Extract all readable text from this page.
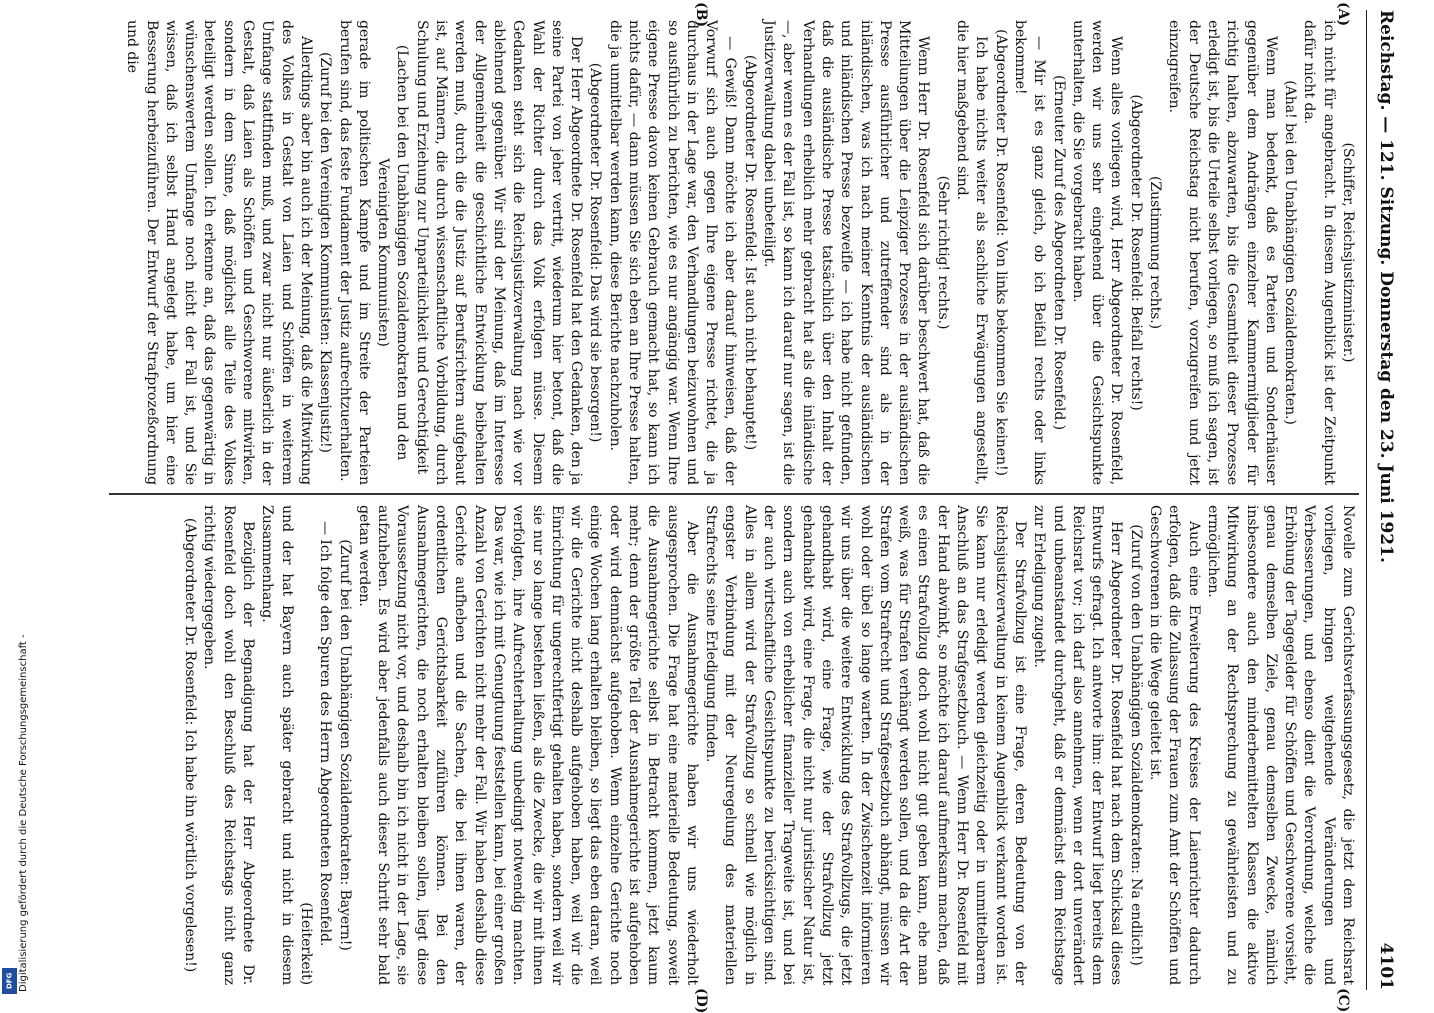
DFG Digitalisierung gefördert durch die Deutsche Forschungsgemeinschaft -
Reichstag. — 121. Sitzung. Donnerstag den 23. Juni 1921.
4101
(A)
(B)
(C)
(D)

(Schiffer, Reichsjustizminister.)

ich nicht für angebracht. In diesem Augenblick ist der Zeitpunkt dafür nicht da.

(Aha! bei den Unabhängigen Sozialdemokraten.)

Wenn man bedenkt, daß es Parteien und Sonderhäuser gegenüber dem Andrängen einzelner Kammermitglieder für richtig halten, abzuwarten, bis die Gesamtheit dieser Prozesse erledigt ist, bis die Urteile selbst vorliegen, so muß ich sagen, ist der Deutsche Reichstag nicht berufen, vorzugreifen und jetzt einzugreifen.

(Zustimmung rechts.)

(Abgeordneter Dr. Rosenfeld: Beifall rechts!)

Wenn alles vorliegen wird, Herr Abgeordneter Dr. Rosenfeld, werden wir uns sehr eingehend über die Gesichtspunkte unterhalten, die Sie vorgebracht haben.

(Erneuter Zuruf des Abgeordneten Dr. Rosenfeld.)

— Mir ist es ganz gleich, ob ich Beifall rechts oder links bekomme!

(Abgeordneter Dr. Rosenfeld: Von links bekommen Sie keinen!)

Ich habe nichts weiter als sachliche Erwägungen angestellt, die hier maßgebend sind.

(Sehr richtig! rechts.)

Wenn Herr Dr. Rosenfeld sich darüber beschwert hat, daß die Mitteilungen über die Leipziger Prozesse in der ausländischen Presse ausführlicher und zutreffender sind als in der inländischen, was ich nach meiner Kenntnis der ausländischen und inländischen Presse bezweifle — ich habe nicht gefunden, daß die ausländische Presse tatsächlich über den Inhalt der Verhandlungen erheblich mehr gebracht hat als die inländische —, aber wenn es der Fall ist, so kann ich darauf nur sagen, ist die Justizverwaltung dabei unbeteiligt.

(Abgeordneter Dr. Rosenfeld: Ist auch nicht behauptet!)

— Gewiß! Dann möchte ich aber darauf hinweisen, daß der Vorwurf sich auch gegen Ihre eigene Presse richtet, die ja durchaus in der Lage war, den Verhandlungen beizuwohnen und so ausführlich zu berichten, wie es nur angängig war. Wenn Ihre eigene Presse davon keinen Gebrauch gemacht hat, so kann ich nichts dafür, — dann müssen Sie sich eben an Ihre Presse halten, die ja unmittelbar werden kann, diese Berichte nachzuholen.

(Abgeordneter Dr. Rosenfeld: Das wird sie besorgen!)

Der Herr Abgeordnete Dr. Rosenfeld hat den Gedanken, den ja seine Partei von jeher vertritt, wiederum hier betont, daß die Wahl der Richter durch das Volk erfolgen müsse. Diesem Gedanken steht sich die Reichsjustizverwaltung nach wie vor ablehnend gegenüber. Wir sind der Meinung, daß im Interesse der Allgemeinheit die geschichtliche Entwicklung beibehalten werden muß, durch die die Justiz auf Berufsrichtern aufgebaut ist, auf Männern, die durch wissenschaftliche Vorbildung, durch Schulung und Erziehung zur Unparteilichkeit und Gerechtigkeit

(Lachen bei den Unabhängigen Sozialdemokraten und den Vereinigten Kommunisten)

gerade im politischen Kampfe und im Streite der Parteien berufen sind, das feste Fundament der Justiz aufrechtzuerhalten.

(Zuruf bei den Vereinigten Kommunisten: Klassenjustiz!)

Allerdings aber bin auch ich der Meinung, daß die Mitwirkung des Volkes in Gestalt von Laien und Schöffen in weiterem Umfange stattfinden muß, und zwar nicht nur äußerlich in der Gestalt, daß Laien als Schöffen und Geschworene mitwirken, sondern in dem Sinne, daß möglichst alle Teile des Volkes beteiligt werden sollen. Ich erkenne an, daß das gegenwärtig in wünschenswertem Umfange noch nicht der Fall ist, und Sie wissen, daß ich selbst Hand angelegt habe, um hier eine Besserung herbeizuführen. Der Entwurf der Strafprozeßordnung und die

Novelle zum Gerichtsverfassungsgesetz, die jetzt dem Reichsrat vorliegen, bringen weitgehende Veränderungen und Verbesserungen, und ebenso dient die Verordnung, welche die Erhöhung der Tagegelder für Schöffen und Geschworene vorsieht, genau demselben Ziele, genau demselben Zwecke, nämlich insbesondere auch den minderbemittelten Klassen die aktive Mitwirkung an der Rechtsprechung zu gewährleisten und zu ermöglichen.

Auch eine Erweiterung des Kreises der Laienrichter dadurch erfolgen, daß die Zulassung der Frauen zum Amt der Schöffen und Geschworenen in die Wege geleitet ist.

(Zuruf von den Unabhängigen Sozialdemokraten: Na endlich!)

Herr Abgeordneter Dr. Rosenfeld hat nach dem Schicksal dieses Entwurfs gefragt. Ich antworte ihm: der Entwurf liegt bereits dem Reichsrat vor; ich darf also annehmen, wenn er dort unverändert und unbeanstandet durchgeht, daß er demnächst dem Reichstage zur Erledigung zugeht.

Der Strafvollzug ist eine Frage, deren Bedeutung von der Reichsjustizverwaltung in keinem Augenblick verkannt worden ist. Sie kann nur erledigt werden gleichzeitig oder in unmittelbarem Anschluß an das Strafgesetzbuch. — Wenn Herr Dr. Rosenfeld mit der Hand abwinkt, so möchte ich darauf aufmerksam machen, daß es einen Strafvollzug doch wohl nicht gut geben kann, ehe man weiß, was für Strafen verhängt werden sollen, und da die Art der Strafen vom Strafrecht und Strafgesetzbuch abhängt, müssen wir wohl oder übel so lange warten. In der Zwischenzeit informieren wir uns über die weitere Entwicklung des Strafvollzugs, die jetzt gehandhabt wird, eine Frage, wie der Strafvollzug jetzt gehandhabt wird, eine Frage, die nicht nur juristischer Natur ist, sondern auch von erheblicher finanzieller Tragweite ist, und bei der auch wirtschaftliche Gesichtspunkte zu berücksichtigen sind. Alles in allem wird der Strafvollzug so schnell wie möglich in engster Verbindung mit der Neuregelung des materiellen Strafrechts seine Erledigung finden.

Aber die Ausnahmegerichte haben wir uns wiederholt ausgesprochen. Die Frage hat eine materielle Bedeutung, soweit die Ausnahmegerichte selbst in Betracht kommen, jetzt kaum mehr; denn der größte Teil der Ausnahmegerichte ist aufgehoben oder wird demnächst aufgehoben. Wenn einzelne Gerichte noch einige Wochen lang erhalten bleiben, so liegt das eben daran, weil wir die Gerichte nicht deshalb aufgehoben haben, weil wir die Einrichtung für ungerechtfertigt gehalten haben, sondern weil wir sie nur so lange bestehen ließen, als die Zwecke, die wir mit ihnen verfolgten, ihre Aufrechterhaltung unbedingt notwendig machten. Das war, wie ich mit Genugtuung feststellen kann, bei einer großen Anzahl von Gerichten nicht mehr der Fall. Wir haben deshalb diese Gerichte aufheben und die Sachen, die bei ihnen waren, der ordentlichen Gerichtsbarkeit zuführen können. Bei den Ausnahmegerichten, die noch erhalten bleiben sollen, liegt diese Voraussetzung nicht vor, und deshalb bin ich nicht in der Lage, sie aufzuheben. Es wird aber jedenfalls auch dieser Schritt sehr bald getan werden.

(Zuruf bei den Unabhängigen Sozialdemokraten: Bayern!)

— Ich folge den Spuren des Herrn Abgeordneten Rosenfeld.

(Heiterkeit)

und der hat Bayern auch später gebracht und nicht in diesem Zusammenhang.

Bezüglich der Begnadigung hat der Herr Abgeordnete Dr. Rosenfeld doch wohl den Beschluß des Reichstags nicht ganz richtig wiedergegeben.

(Abgeordneter Dr. Rosenfeld: Ich habe ihn wörtlich vorgelesen!)
